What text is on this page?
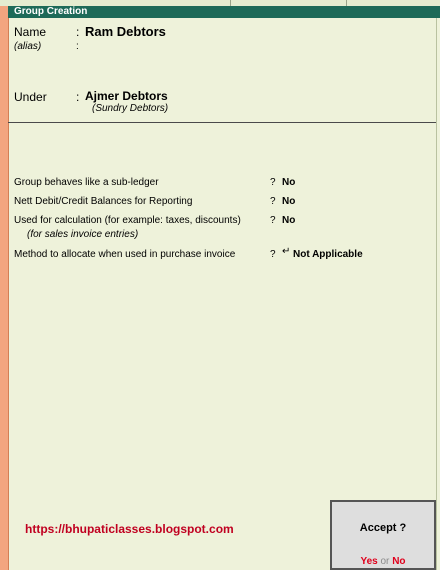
Group Creation
Name : Ram Debtors
(alias)	:
Under : Ajmer Debtors
(Sundry Debtors)
Group behaves like a sub-ledger	? No
Nett Debit/Credit Balances for Reporting	? No
Used for calculation (for example: taxes, discounts)
(for sales invoice entries)
? No
Method to allocate when used in purchase invoice	? ↵ Not Applicable
https://bhupaticlasses.blogspot.com	Accept ?
Yes or No
